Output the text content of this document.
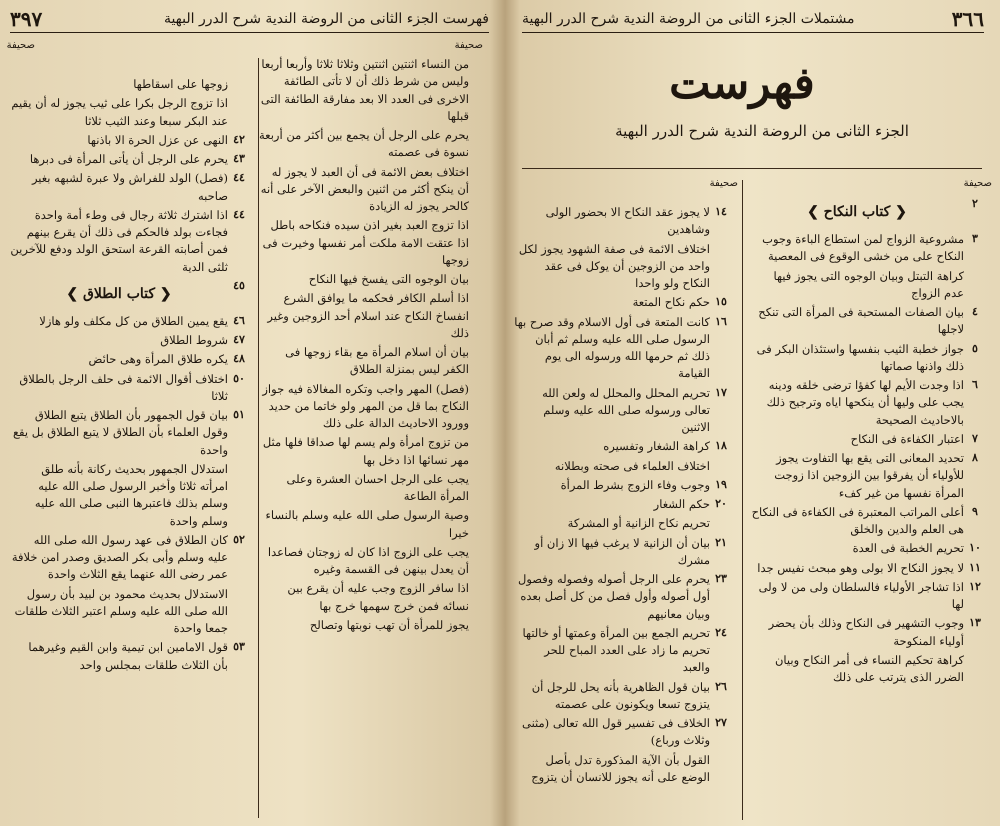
فهرست الجزء الثانى من الروضة الندية شرح الدرر البهية
٣٩٧
صحيفة
صحيفة
من النساء اثنتين اثنتين وثلاثا ثلاثا وأربعا أربعا وليس من شرط ذلك أن لا تأتى الطائفة الاخرى فى العدد الا بعد مفارقة الطائفة التى قبلها
يحرم على الرجل أن يجمع بين أكثر من أربعة نسوة فى عصمته
اختلاف بعض الائمة فى أن العبد لا يجوز له أن ينكح أكثر من اثنين والبعض الآخر على أنه كالحر يجوز له الزيادة
اذا تزوج العبد بغير اذن سيده فنكاحه باطل اذا عتقت الامة ملكت أمر نفسها وخيرت فى زوجها
بيان الوجوه التى يفسخ فيها النكاح
اذا أسلم الكافر فحكمه ما يوافق الشرع انفساخ النكاح عند اسلام أحد الزوجين وغير ذلك
بيان أن اسلام المرأة مع بقاء زوجها فى الكفر ليس بمنزلة الطلاق
(فصل) المهر واجب وتكره المغالاة فيه جواز النكاح بما قل من المهر ولو خاتما من حديد وورود الاحاديث الدالة على ذلك
من تزوج امرأة ولم يسم لها صداقا فلها مثل مهر نسائها اذا دخل بها
يجب على الرجل احسان العشرة وعلى المرأة الطاعة
وصية الرسول صلى الله عليه وسلم بالنساء خيرا
يجب على الزوج اذا كان له زوجتان فصاعدا أن يعدل بينهن فى القسمة وغيره
اذا سافر الزوج وجب عليه أن يقرع بين نسائه فمن خرج سهمها خرج بها
يجوز للمرأة أن تهب نوبتها وتصالح
زوجها على اسقاطها
اذا تزوج الرجل بكرا على ثيب يجوز له أن يقيم عند البكر سبعا وعند الثيب ثلاثا
٤٢
النهى عن عزل الحرة الا باذنها
٤٣
يحرم على الرجل أن يأتى المرأة فى دبرها
٤٤
(فصل) الولد للفراش ولا عبرة لشبهه بغير صاحبه
٤٤
اذا اشترك ثلاثة رجال فى وطء أمة واحدة فجاءت بولد فالحكم فى ذلك أن يقرع بينهم فمن أصابته القرعة استحق الولد ودفع للآخرين ثلثى الدية
٤٥
❮ كتاب الطلاق ❯
٤٦
يقع يمين الطلاق من كل مكلف ولو هازلا
٤٧
شروط الطلاق
٤٨
يكره طلاق المرأة وهى حائض
٥٠
اختلاف أقوال الائمة فى حلف الرجل بالطلاق ثلاثا
٥١
بيان قول الجمهور بأن الطلاق يتبع الطلاق وقول العلماء بأن الطلاق لا يتبع الطلاق بل يقع واحدة
استدلال الجمهور بحديث ركانة بأنه طلق امرأته ثلاثا وأخبر الرسول صلى الله عليه وسلم بذلك فاعتبرها النبى صلى الله عليه وسلم واحدة
٥٢
كان الطلاق فى عهد رسول الله صلى الله عليه وسلم وأبى بكر الصديق وصدر امن خلافة عمر رضى الله عنهما يقع الثلاث واحدة
الاستدلال بحديث محمود بن لبيد بأن رسول الله صلى الله عليه وسلم اعتبر الثلاث طلقات جمعا واحدة
٥٣
قول الامامين ابن تيمية وابن القيم وغيرهما بأن الثلاث طلقات بمجلس واحد
٣٦٦
مشتملات الجزء الثانى من الروضة الندية شرح الدرر البهية
فهرست
الجزء الثانى من الروضة الندية شرح الدرر البهية
صحيفة
صحيفة
٢
❮ كتاب النكاح ❯
٣
مشروعية الزواج لمن استطاع الباءة وجوب النكاح على من خشى الوقوع فى المعصية
كراهة التبتل وبيان الوجوه التى يجوز فيها عدم الزواج
٤
بيان الصفات المستحبة فى المرأة التى تنكح لاجلها
٥
جواز خطبة الثيب بنفسها واستئذان البكر فى ذلك واذنها صماتها
٦
اذا وجدت الأيم لها كفؤا ترضى خلقه ودينه يجب على وليها أن ينكحها اياه وترجيح ذلك بالاحاديث الصحيحة
٧
اعتبار الكفاءة فى النكاح
٨
تحديد المعانى التى يقع بها التفاوت يجوز للأولياء أن يفرقوا بين الزوجين اذا زوجت المرأة نفسها من غير كفء
٩
أعلى المراتب المعتبرة فى الكفاءة فى النكاح هى العلم والدين والخلق
١٠
تحريم الخطبة فى العدة
١١
لا يجوز النكاح الا بولى وهو مبحث نفيس جدا
١٢
اذا تشاجر الأولياء فالسلطان ولى من لا ولى لها
١٣
وجوب التشهير فى النكاح وذلك بأن يحضر أولياء المنكوحة
كراهة تحكيم النساء فى أمر النكاح وبيان الضرر الذى يترتب على ذلك
١٤
لا يجوز عقد النكاح الا بحضور الولى وشاهدين
اختلاف الائمة فى صفة الشهود يجوز لكل واحد من الزوجين أن يوكل فى عقد النكاح ولو واحدا
١٥
حكم نكاح المتعة
١٦
كانت المتعة فى أول الاسلام وقد صرح بها الرسول صلى الله عليه وسلم ثم أبان ذلك ثم حرمها الله ورسوله الى يوم القيامة
١٧
تحريم المحلل والمحلل له ولعن الله تعالى ورسوله صلى الله عليه وسلم الاثنين
١٨
كراهة الشغار وتفسيره
اختلاف العلماء فى صحته وبطلانه
١٩
وجوب وفاء الزوج بشرط المرأة
٢٠
حكم الشغار
تحريم نكاح الزانية أو المشركة
٢١
بيان أن الزانية لا يرغب فيها الا زان أو مشرك
٢٣
يحرم على الرجل أصوله وفصوله وفصول أول أصوله وأول فصل من كل أصل بعده وبيان معانيهم
٢٤
تحريم الجمع بين المرأة وعمتها أو خالتها تحريم ما زاد على العدد المباح للحر والعبد
٢٦
بيان قول الظاهرية بأنه يحل للرجل أن يتزوج تسعا ويكونون على عصمته
٢٧
الخلاف فى تفسير قول الله تعالى (مثنى وثلاث ورباع)
القول بأن الآية المذكورة تدل بأصل الوضع على أنه يجوز للانسان أن يتزوج
